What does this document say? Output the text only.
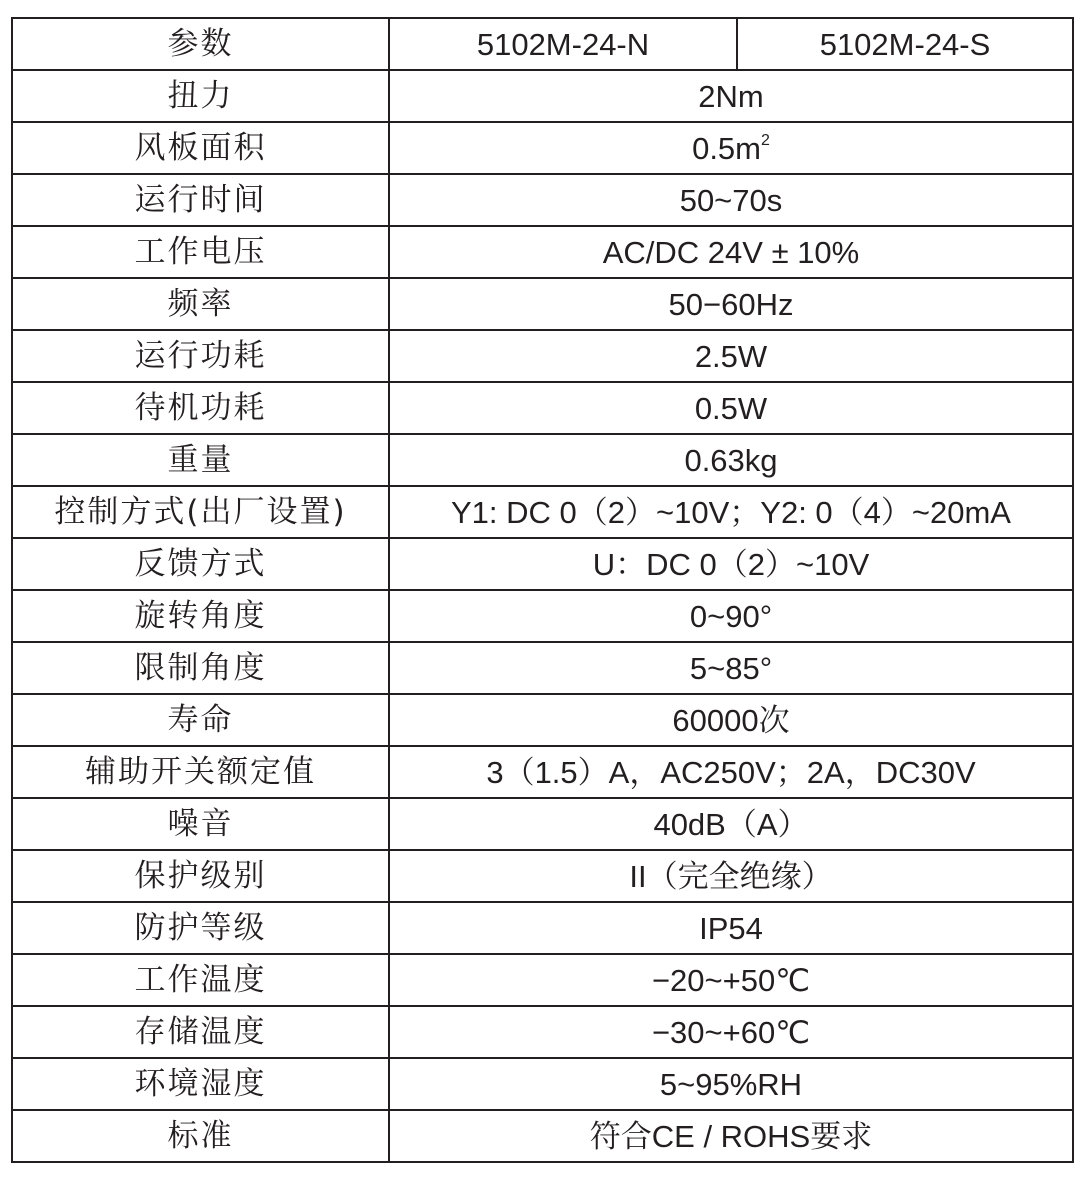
参数	5102M-24-N	5102M-24-S
扭力	2Nm	
风板面积	$0.5m^2$
运行时间	50~70s	
工作电压	AC/DC 24V ± 10%	
频率	50−60Hz	
运行功耗	2.5W	
待机功耗	0.5W	
重量	0.63kg	
控制方式(出厂设置)	Y1: DC 0（2）~10V；Y2: 0（4）~20mA	
反馈方式	U：DC 0（2）~10V	
旋转角度	0~90°	
限制角度	5~85°	
寿命	60000次	
辅助开关额定值	3（1.5）A，AC250V；2A，DC30V	
噪音	40dB（A）	
保护级别	II（完全绝缘）	
防护等级	IP54	
工作温度	−20~+50℃	
存储温度	−30~+60℃	
环境湿度	5~95%RH	
标准	符合CE / ROHS要求	
